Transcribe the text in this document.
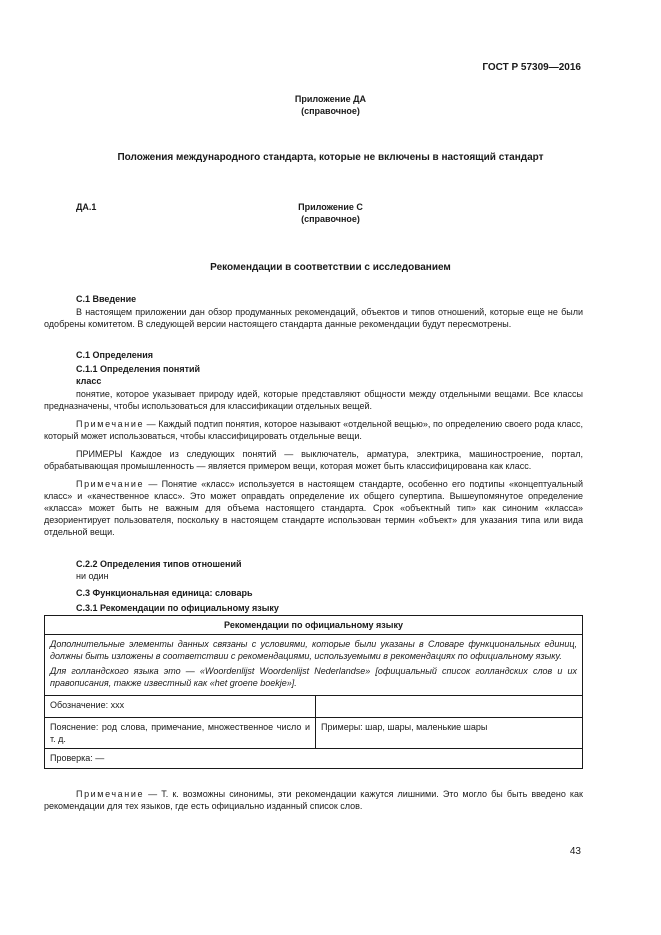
ГОСТ Р 57309—2016
Приложение ДА
(справочное)
Положения международного стандарта, которые не включены в настоящий стандарт
ДА.1	Приложение С
(справочное)
Рекомендации в соответствии с исследованием
С.1 Введение
В настоящем приложении дан обзор продуманных рекомендаций, объектов и типов отношений, которые еще не были одобрены комитетом. В следующей версии настоящего стандарта данные рекомендации будут пересмотрены.
С.1 Определения
С.1.1 Определения понятий
класс
понятие, которое указывает природу идей, которые представляют общности между отдельными вещами. Все классы предназначены, чтобы использоваться для классификации отдельных вещей.
Примечание — Каждый подтип понятия, которое называют «отдельной вещью», по определению своего рода класс, который может использоваться, чтобы классифицировать отдельные вещи.
ПРИМЕРЫ Каждое из следующих понятий — выключатель, арматура, электрика, машиностроение, портал, обрабатывающая промышленность — является примером вещи, которая может быть классифицирована как класс.
Примечание — Понятие «класс» используется в настоящем стандарте, особенно его подтипы «концептуальный класс» и «качественное класс». Это может оправдать определение их общего супертипа. Вышеупомянутое определение «класса» может быть не важным для объема настоящего стандарта. Срок «объектный тип» как синоним «класса» дезориентирует пользователя, поскольку в настоящем стандарте использован термин «объект» для указания типа или вида отдельной вещи.
С.2.2 Определения типов отношений
ни один
С.3 Функциональная единица: словарь
С.3.1 Рекомендации по официальному языку
Рекомендации по официальному языку	

Дополнительные элементы данных связаны с условиями, которые были указаны в Словаре функциональных единиц, должны быть изложены в соответствии с рекомендациями, используемыми в рекомендациях по официальному языку.
Для голландского языка это — «Woordenlijst Woordenlijst Nederlandse» [официальный список голландских слов и их правописания, также известный как «het groene boekje»].	

Обозначение: ххх	
Пояснение: род слова, примечание, множественное число и т. д.	Примеры: шар, шары, маленькие шары
Проверка: —	
Примечание — Т. к. возможны синонимы, эти рекомендации кажутся лишними. Это могло бы быть введено как рекомендации для тех языков, где есть официально изданный список слов.
43
